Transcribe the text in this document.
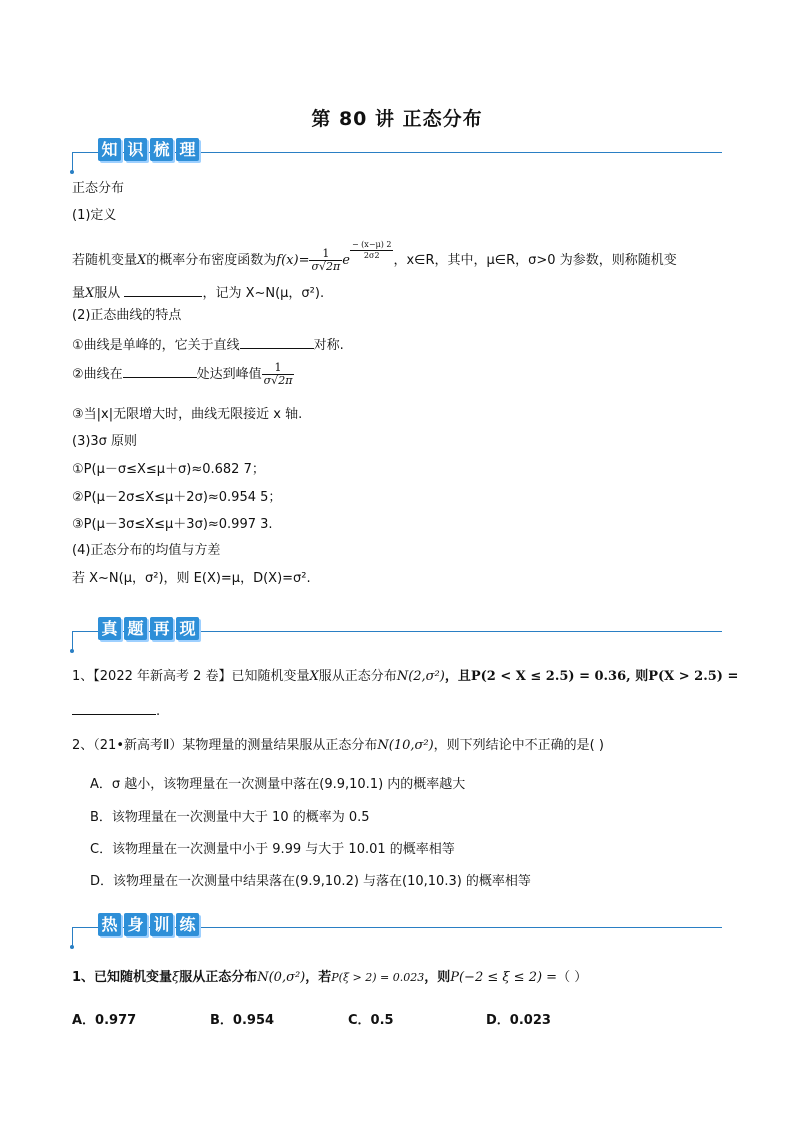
第 80 讲 正态分布
知 识 梳 理
正态分布
(1)定义
若随机变量X的概率分布密度函数为$f(x)= \frac{1}{\sigma√2\pi}$ e $\frac{- (x-\mu) 2}{2\sigma 2}$ ，x∈R，其中，μ∈R，σ>0 为参数，则称随机变
量X服从	，记为 X~N(μ，σ²).
(2)正态曲线的特点
①曲线是单峰的，它关于直线	对称.
②曲线在	处达到峰值 $\frac{1}{\sigma√2\pi}$
③当|x|无限增大时，曲线无限接近 x 轴.
(3)3σ 原则
①P(μ－σ≤X≤μ＋σ)≈0.682 7；
②P(μ－2σ≤X≤μ＋2σ)≈0.954 5；
③P(μ－3σ≤X≤μ＋3σ)≈0.997 3.
(4)正态分布的均值与方差
若 X~N(μ，σ²)，则 E(X)=μ，D(X)=σ².
真 题 再 现
1、【2022 年新高考 2 卷】已知随机变量X服从正态分布N(2,σ²)，且P(2 < X ≤ 2.5) = 0.36, 则P(X > 2.5) =
.
2、（21•新高考Ⅱ）某物理量的测量结果服从正态分布N(10,σ²)，则下列结论中不正确的是( )
A．σ 越小，该物理量在一次测量中落在(9.9,10.1) 内的概率越大
B．该物理量在一次测量中大于 10 的概率为 0.5
C．该物理量在一次测量中小于 9.99 与大于 10.01 的概率相等
D．该物理量在一次测量中结果落在(9.9,10.2) 与落在(10,10.3) 的概率相等
热 身 训 练
1、已知随机变量ξ服从正态分布N(0,σ²)，若P(ξ > 2) = 0.023，则P(−2 ≤ ξ ≤ 2) =（ ）
A．0.977	B．0.954	C．0.5	D．0.023
